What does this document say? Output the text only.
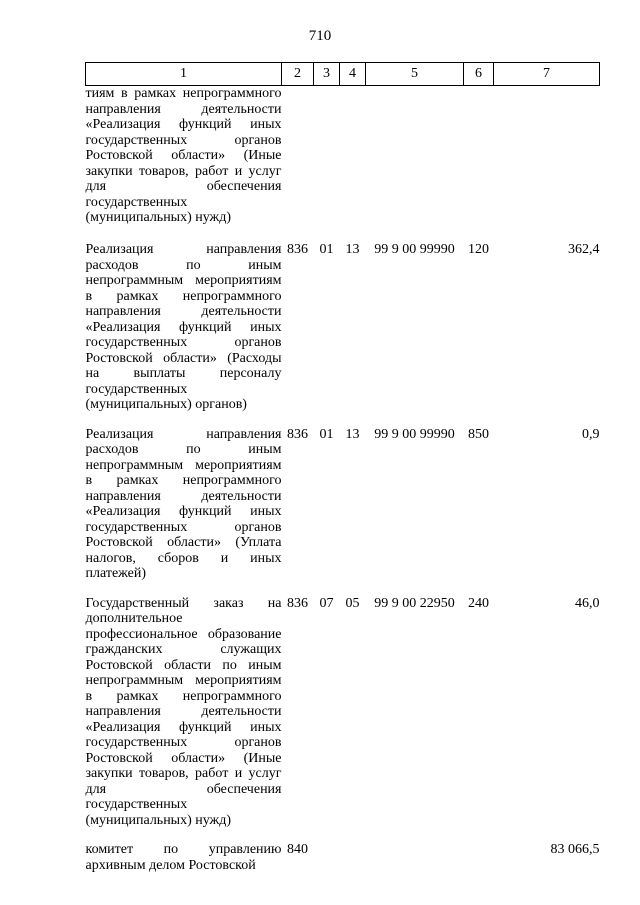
710
1	2	3	4	5	6	7
тиям в рамках непрограммного направления деятельности «Реализация функций иных государственных органов Ростовской области» (Иные закупки товаров, работ и услуг для обеспечения государственных (муниципальных) нужд)						

Реализация направления расходов по иным непрограммным мероприятиям в рамках непрограммного направления деятельности «Реализация функций иных государственных органов Ростовской области» (Расходы на выплаты персоналу государственных (муниципальных) органов)	836	01	13	99 9 00 99990	120	362,4

Реализация направления расходов по иным непрограммным мероприятиям в рамках непрограммного направления деятельности «Реализация функций иных государственных органов Ростовской области» (Уплата налогов, сборов и иных платежей)	836	01	13	99 9 00 99990	850	0,9

Государственный заказ на дополнительное профессиональное образование гражданских служащих Ростовской области по иным непрограммным мероприятиям в рамках непрограммного направления деятельности «Реализация функций иных государственных органов Ростовской области» (Иные закупки товаров, работ и услуг для обеспечения государственных (муниципальных) нужд)	836	07	05	99 9 00 22950	240	46,0

комитет по управлению архивным делом Ростовской	840					83 066,5
